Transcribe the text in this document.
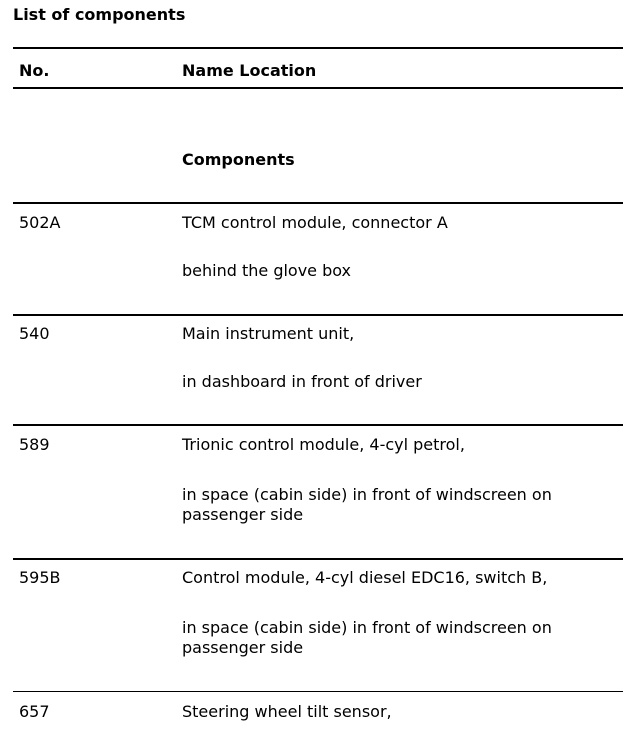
List of components
No.	Name Location
Components
502A	TCM control module, connector A
behind the glove box
540	Main instrument unit,
in dashboard in front of driver
589	Trionic control module, 4-cyl petrol,
in space (cabin side) in front of windscreen on passenger side
595B	Control module, 4-cyl diesel EDC16, switch B,
in space (cabin side) in front of windscreen on passenger side
657	Steering wheel tilt sensor,
